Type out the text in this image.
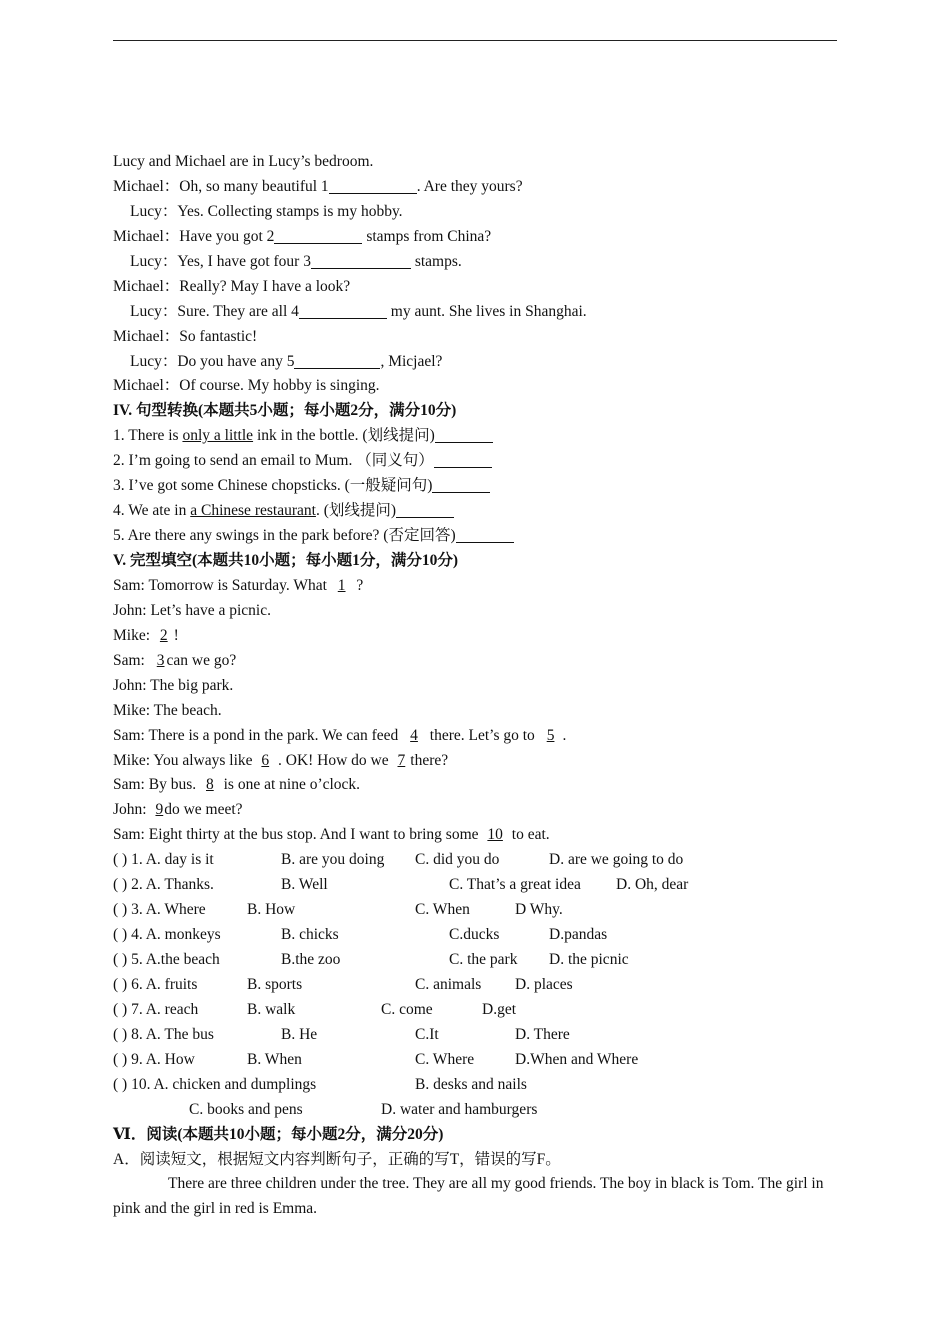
Lucy and Michael are in Lucy’s bedroom.
Michael：Oh, so many beautiful 1	. Are they yours?
Lucy：Yes. Collecting stamps is my hobby.
Michael：Have you got 2	stamps from China?
Lucy：Yes, I have got four 3	stamps.
Michael：Really? May I have a look?
Lucy：Sure. They are all 4	my aunt. She lives in Shanghai.
Michael：So fantastic!
Lucy：Do you have any 5	, Micjael?
Michael：Of course. My hobby is singing.
IV. 句型转换(本题共5小题；每小题2分，满分10分)
1. There is only a little ink in the bottle. (划线提问)
2. I’m going to send an email to Mum. （同义句）
3. I’ve got some Chinese chopsticks. (一般疑问句)
4. We ate in a Chinese restaurant. (划线提问)
5. Are there any swings in the park before? (否定回答)
V. 完型填空(本题共10小题；每小题1分，满分10分)
Sam: Tomorrow is Saturday. What 1 ?
John: Let’s have a picnic.
Mike: 2 !
Sam: 3 can we go?
John: The big park.
Mike: The beach.
Sam: There is a pond in the park. We can feed 4 there. Let’s go to 5 .
Mike: You always like 6 . OK! How do we 7 there?
Sam: By bus. 8 is one at nine o’clock.
John: 9do we meet?
Sam: Eight thirty at the bus stop. And I want to bring some 10 to eat.
( ) 1. A. day is it	B. are you doing C. did you do	D. are we going to do
( ) 2. A. Thanks.	B. Well	C. That’s a great idea D. Oh, dear
( ) 3. A. Where	B. How	C. When	D Why.
( ) 4. A. monkeys	B. chicks	C.ducks	D.pandas
( ) 5. A.the beach	B.the zoo	C. the park D. the picnic
( ) 6. A. fruits	B. sports	C. animals D. places
( ) 7. A. reach	B. walk	C. come	D.get
( ) 8. A. The bus	B. He	C.It	D. There
( ) 9. A. How	B. When	C. Where	D.When and Where
( ) 10. A. chicken and dumplings	B. desks and nails
C. books and pens	D. water and hamburgers
Ⅵ．阅读(本题共10小题；每小题2分，满分20分)
A．阅读短文，根据短文内容判断句子，正确的写T，错误的写F。
There are three children under the tree. They are all my good friends. The boy in black is Tom. The girl in pink and the girl in red is Emma.
